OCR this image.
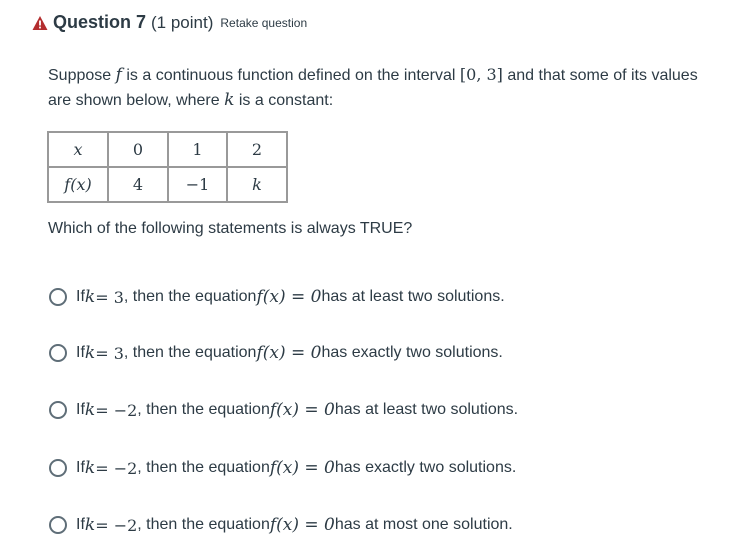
Question 7 (1 point) Retake question
Suppose f is a continuous function defined on the interval [0, 3] and that some of its values are shown below, where k is a constant:
x	0	1	2
f(x)	4	−1	k
Which of the following statements is always TRUE?
If k = 3 , then the equation f(x) = 0 has at least two solutions.
If k = 3 , then the equation f(x) = 0 has exactly two solutions.
If k = −2 , then the equation f(x) = 0 has at least two solutions.
If k = −2 , then the equation f(x) = 0 has exactly two solutions.
If k = −2 , then the equation f(x) = 0 has at most one solution.
